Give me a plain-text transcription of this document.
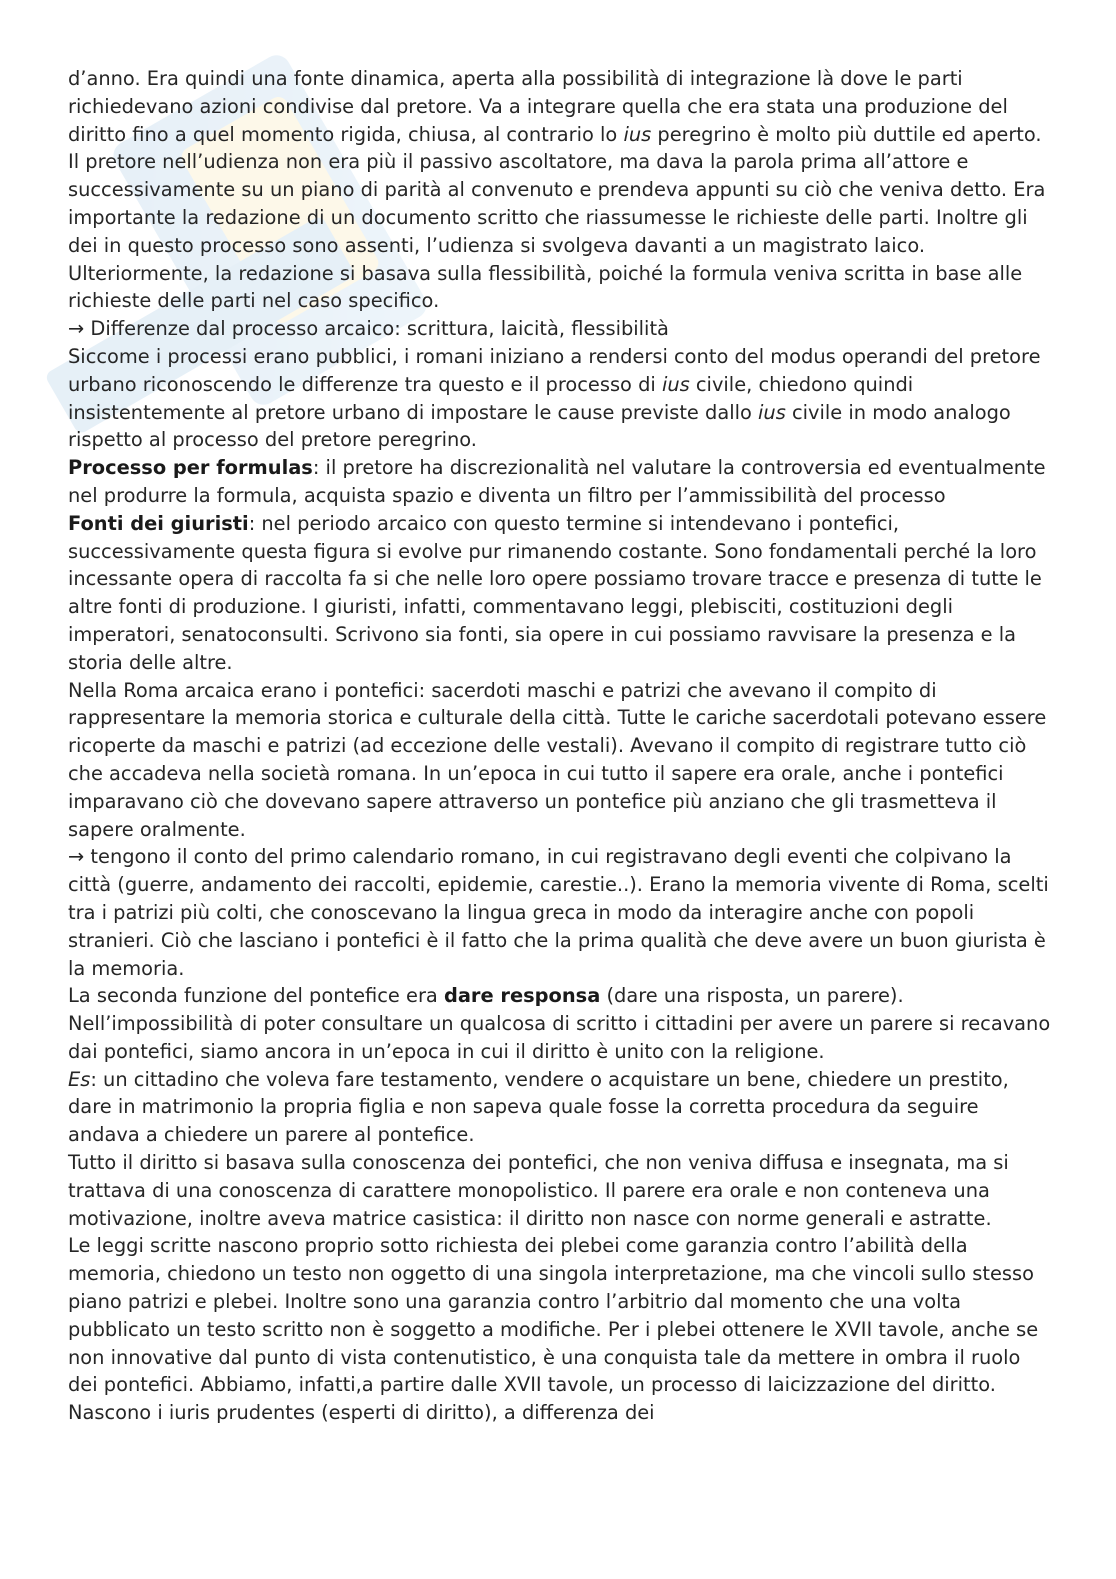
d’anno. Era quindi una fonte dinamica, aperta alla possibilità di integrazione là dove le parti richiedevano azioni condivise dal pretore. Va a integrare quella che era stata una produzione del diritto fino a quel momento rigida, chiusa, al contrario lo ius peregrino è molto più duttile ed aperto.

Il pretore nell’udienza non era più il passivo ascoltatore, ma dava la parola prima all’attore e successivamente su un piano di parità al convenuto e prendeva appunti su ciò che veniva detto. Era importante la redazione di un documento scritto che riassumesse le richieste delle parti. Inoltre gli dei in questo processo sono assenti, l’udienza si svolgeva davanti a un magistrato laico. Ulteriormente, la redazione si basava sulla flessibilità, poiché la formula veniva scritta in base alle richieste delle parti nel caso specifico.

→ Differenze dal processo arcaico: scrittura, laicità, flessibilità

Siccome i processi erano pubblici, i romani iniziano a rendersi conto del modus operandi del pretore urbano riconoscendo le differenze tra questo e il processo di ius civile, chiedono quindi insistentemente al pretore urbano di impostare le cause previste dallo ius civile in modo analogo rispetto al processo del pretore peregrino.

Processo per formulas: il pretore ha discrezionalità nel valutare la controversia ed eventualmente nel produrre la formula, acquista spazio e diventa un filtro per l’ammissibilità del processo

Fonti dei giuristi: nel periodo arcaico con questo termine si intendevano i pontefici, successivamente questa figura si evolve pur rimanendo costante. Sono fondamentali perché la loro incessante opera di raccolta fa si che nelle loro opere possiamo trovare tracce e presenza di tutte le altre fonti di produzione. I giuristi, infatti, commentavano leggi, plebisciti, costituzioni degli imperatori, senatoconsulti. Scrivono sia fonti, sia opere in cui possiamo ravvisare la presenza e la storia delle altre.

Nella Roma arcaica erano i pontefici: sacerdoti maschi e patrizi che avevano il compito di rappresentare la memoria storica e culturale della città. Tutte le cariche sacerdotali potevano essere ricoperte da maschi e patrizi (ad eccezione delle vestali). Avevano il compito di registrare tutto ciò che accadeva nella società romana. In un’epoca in cui tutto il sapere era orale, anche i pontefici imparavano ciò che dovevano sapere attraverso un pontefice più anziano che gli trasmetteva il sapere oralmente.

→ tengono il conto del primo calendario romano, in cui registravano degli eventi che colpivano la città (guerre, andamento dei raccolti, epidemie, carestie..). Erano la memoria vivente di Roma, scelti tra i patrizi più colti, che conoscevano la lingua greca in modo da interagire anche con popoli stranieri. Ciò che lasciano i pontefici è il fatto che la prima qualità che deve avere un buon giurista è la memoria.

La seconda funzione del pontefice era dare responsa (dare una risposta, un parere).

Nell’impossibilità di poter consultare un qualcosa di scritto i cittadini per avere un parere si recavano dai pontefici, siamo ancora in un’epoca in cui il diritto è unito con la religione.

Es: un cittadino che voleva fare testamento, vendere o acquistare un bene, chiedere un prestito, dare in matrimonio la propria figlia e non sapeva quale fosse la corretta procedura da seguire andava a chiedere un parere al pontefice.

Tutto il diritto si basava sulla conoscenza dei pontefici, che non veniva diffusa e insegnata, ma si trattava di una conoscenza di carattere monopolistico. Il parere era orale e non conteneva una motivazione, inoltre aveva matrice casistica: il diritto non nasce con norme generali e astratte.

Le leggi scritte nascono proprio sotto richiesta dei plebei come garanzia contro l’abilità della memoria, chiedono un testo non oggetto di una singola interpretazione, ma che vincoli sullo stesso piano patrizi e plebei. Inoltre sono una garanzia contro l’arbitrio dal momento che una volta pubblicato un testo scritto non è soggetto a modifiche. Per i plebei ottenere le XVII tavole, anche se non innovative dal punto di vista contenutistico, è una conquista tale da mettere in ombra il ruolo dei pontefici. Abbiamo, infatti,a partire dalle XVII tavole, un processo di laicizzazione del diritto. Nascono i iuris prudentes (esperti di diritto), a differenza dei
